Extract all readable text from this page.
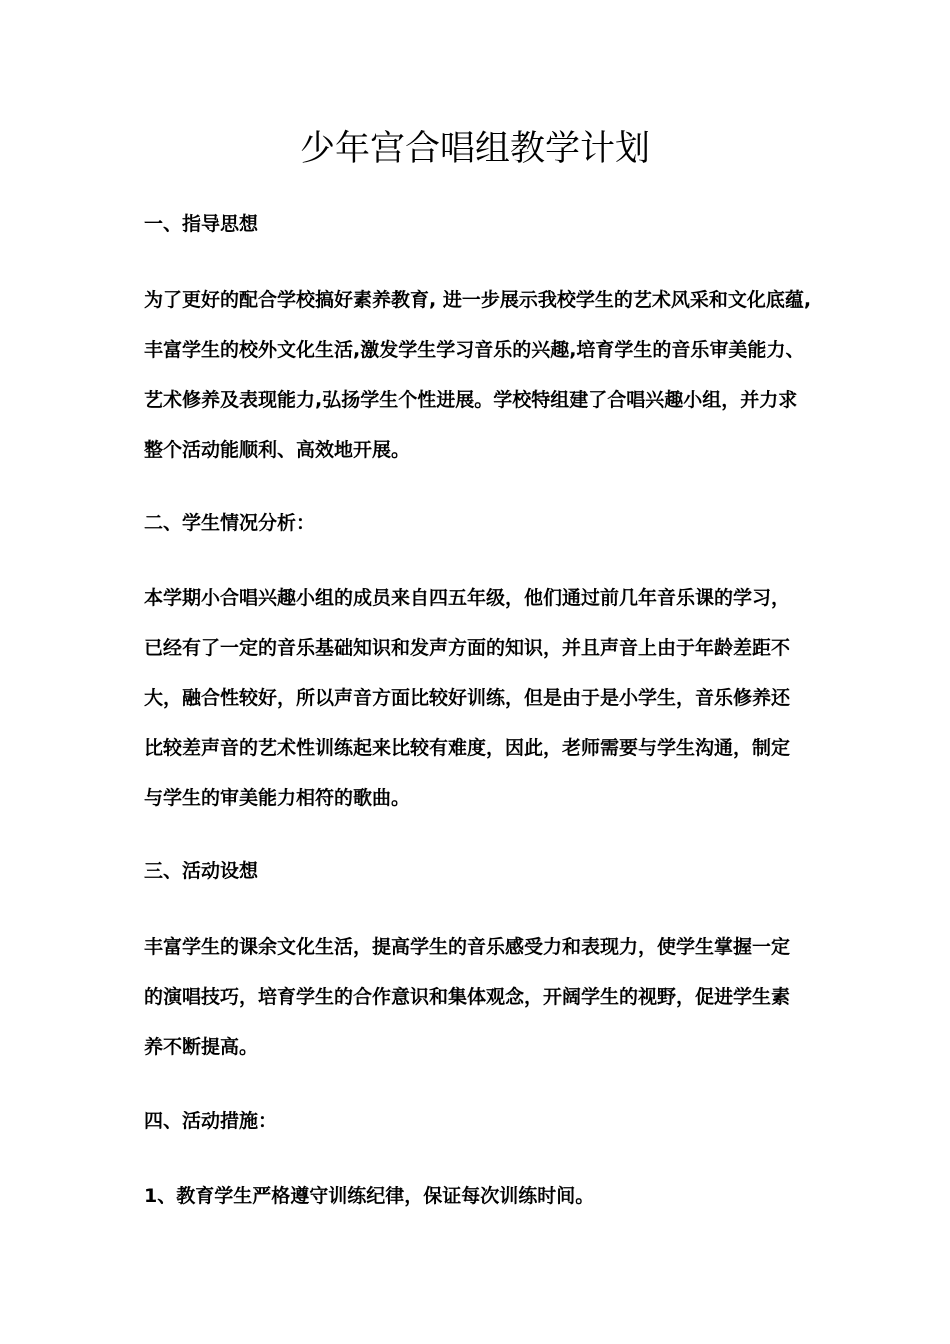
少年宫合唱组教学计划
一、指导思想
为了更好的配合学校搞好素养教育, 进一步展示我校学生的艺术风采和文化底蕴,
丰富学生的校外文化生活,激发学生学习音乐的兴趣,培育学生的音乐审美能力、
艺术修养及表现能力,弘扬学生个性进展。学校特组建了合唱兴趣小组，并力求
整个活动能顺利、高效地开展。
二、学生情况分析：
本学期小合唱兴趣小组的成员来自四五年级，他们通过前几年音乐课的学习，
已经有了一定的音乐基础知识和发声方面的知识，并且声音上由于年龄差距不
大，融合性较好，所以声音方面比较好训练，但是由于是小学生，音乐修养还
比较差声音的艺术性训练起来比较有难度，因此，老师需要与学生沟通，制定
与学生的审美能力相符的歌曲。
三、活动设想
丰富学生的课余文化生活，提高学生的音乐感受力和表现力，使学生掌握一定
的演唱技巧，培育学生的合作意识和集体观念，开阔学生的视野，促进学生素
养不断提高。
四、活动措施：

1、教育学生严格遵守训练纪律，保证每次训练时间。
